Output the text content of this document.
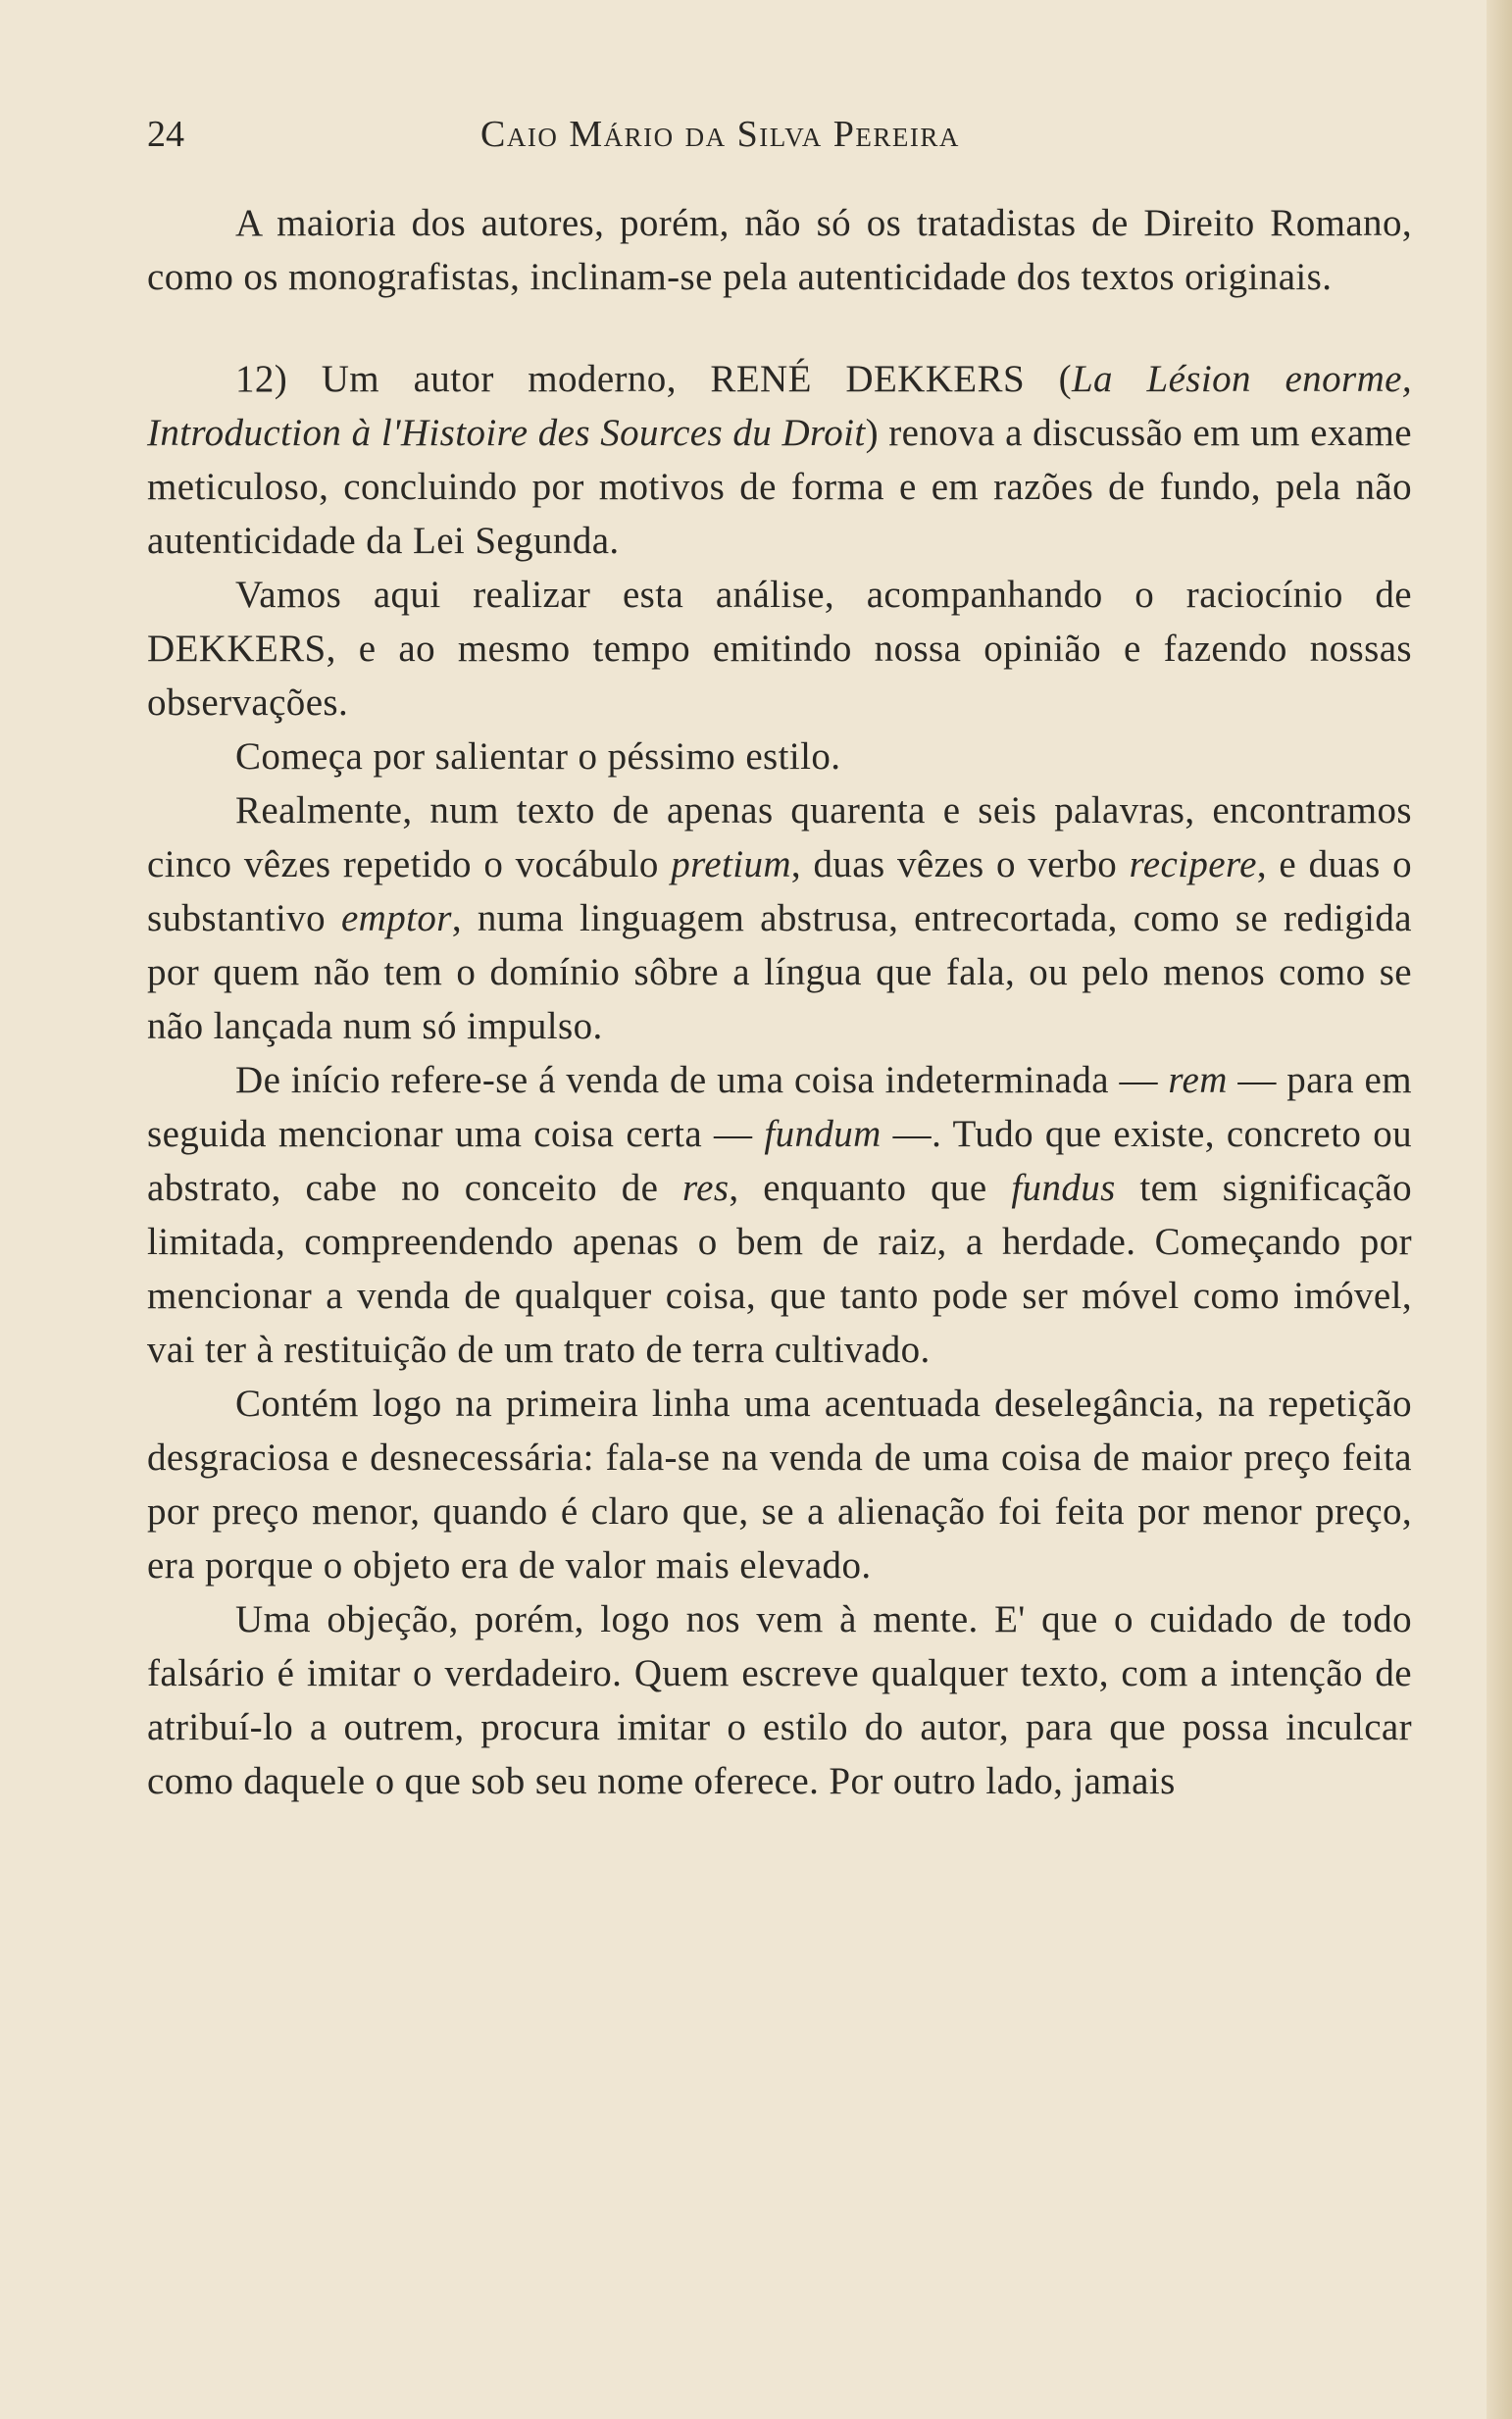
24	Caio Mário da Silva Pereira

A maioria dos autores, porém, não só os tratadistas de Direito Romano, como os monografistas, inclinam-se pela autenticidade dos textos originais.

12) Um autor moderno, RENÉ DEKKERS (La Lésion enorme, Introduction à l'Histoire des Sources du Droit) renova a discussão em um exame meticuloso, concluindo por motivos de forma e em razões de fundo, pela não autenticidade da Lei Segunda.

Vamos aqui realizar esta análise, acompanhando o raciocínio de DEKKERS, e ao mesmo tempo emitindo nossa opinião e fazendo nossas observações.

Começa por salientar o péssimo estilo.

Realmente, num texto de apenas quarenta e seis palavras, encontramos cinco vêzes repetido o vocábulo pretium, duas vêzes o verbo recipere, e duas o substantivo emptor, numa linguagem abstrusa, entrecortada, como se redigida por quem não tem o domínio sôbre a língua que fala, ou pelo menos como se não lançada num só impulso.

De início refere-se á venda de uma coisa indeterminada — rem — para em seguida mencionar uma coisa certa — fundum —. Tudo que existe, concreto ou abstrato, cabe no conceito de res, enquanto que fundus tem significação limitada, compreendendo apenas o bem de raiz, a herdade. Começando por mencionar a venda de qualquer coisa, que tanto pode ser móvel como imóvel, vai ter à restituição de um trato de terra cultivado.

Contém logo na primeira linha uma acentuada deselegância, na repetição desgraciosa e desnecessária: fala-se na venda de uma coisa de maior preço feita por preço menor, quando é claro que, se a alienação foi feita por menor preço, era porque o objeto era de valor mais elevado.

Uma objeção, porém, logo nos vem à mente. E' que o cuidado de todo falsário é imitar o verdadeiro. Quem escreve qualquer texto, com a intenção de atribuí-lo a outrem, procura imitar o estilo do autor, para que possa inculcar como daquele o que sob seu nome oferece. Por outro lado, jamais
